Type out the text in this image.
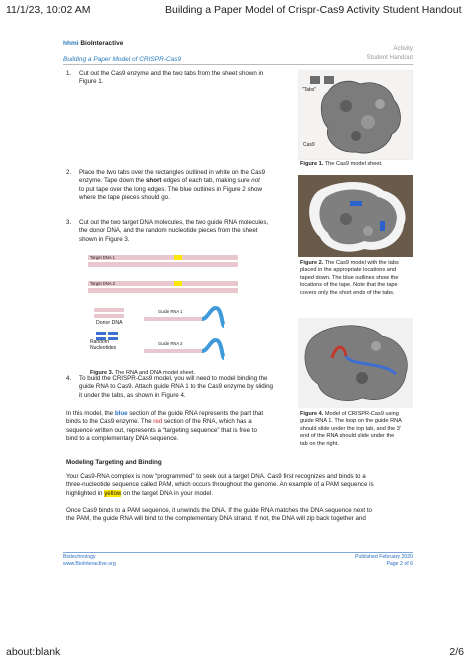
11/1/23, 10:02 AM	Building a Paper Model of Crispr-Cas9 Activity Student Handout
hhmi BioInteractive
Building a Paper Model of CRISPR-Cas9
Activity
Student Handout
1. Cut out the Cas9 enzyme and the two tabs from the sheet shown in
Figure 1.
"Tabs"
Cas9
Figure 1. The Cas9 model sheet.
2. Place the two tabs over the rectangles outlined in white on the Cas9
enzyme. Tape down the short edges of each tab, making sure not
to put tape over the long edges. The blue outlines in Figure 2 show
where the tape pieces should go.
Figure 2. The Cas9 model with the tabs
placed in the appropriate locations and
taped down. The blue outlines show the
locations of the tape. Note that the tape
covers only the short ends of the tabs.
3. Cut out the two target DNA molecules, the two guide RNA molecules,
the donor DNA, and the random nucleotide pieces from the sheet
shown in Figure 3.
Target DNA 1
Target DNA 2
Donor DNA
Random
Nucleotides
Guide RNA 1
Guide RNA 2
Figure 3. The RNA and DNA model sheet.
Figure 4. Model of CRISPR-Cas9 using
guide RNA 1. The loop on the guide RNA
should slide under the top tab, and the 3'
end of the RNA should slide under the
tab on the right.
4. To build the CRISPR-Cas9 model, you will need to model binding the
guide RNA to Cas9. Attach guide RNA 1 to the Cas9 enzyme by sliding
it under the tabs, as shown in Figure 4.
In this model, the blue section of the guide RNA represents the part that
binds to the Cas9 enzyme. The red section of the RNA, which has a
sequence written out, represents a “targeting sequence” that is free to
bind to a complementary DNA sequence.
Modeling Targeting and Binding
Your Cas9-RNA complex is now “programmed” to seek out a target DNA. Cas9 first recognizes and binds to a
three-nucleotide sequence called PAM, which occurs throughout the genome. An example of a PAM sequence is
highlighted in yellow on the target DNA in your model.
Once Cas9 binds to a PAM sequence, it unwinds the DNA. If the guide RNA matches the DNA sequence next to
the PAM, the guide RNA will bind to the complementary DNA strand. If not, the DNA will zip back together and
Biotechnology
www.BioInteractive.org
Published February 2020
Page 2 of 6
about:blank	2/6
